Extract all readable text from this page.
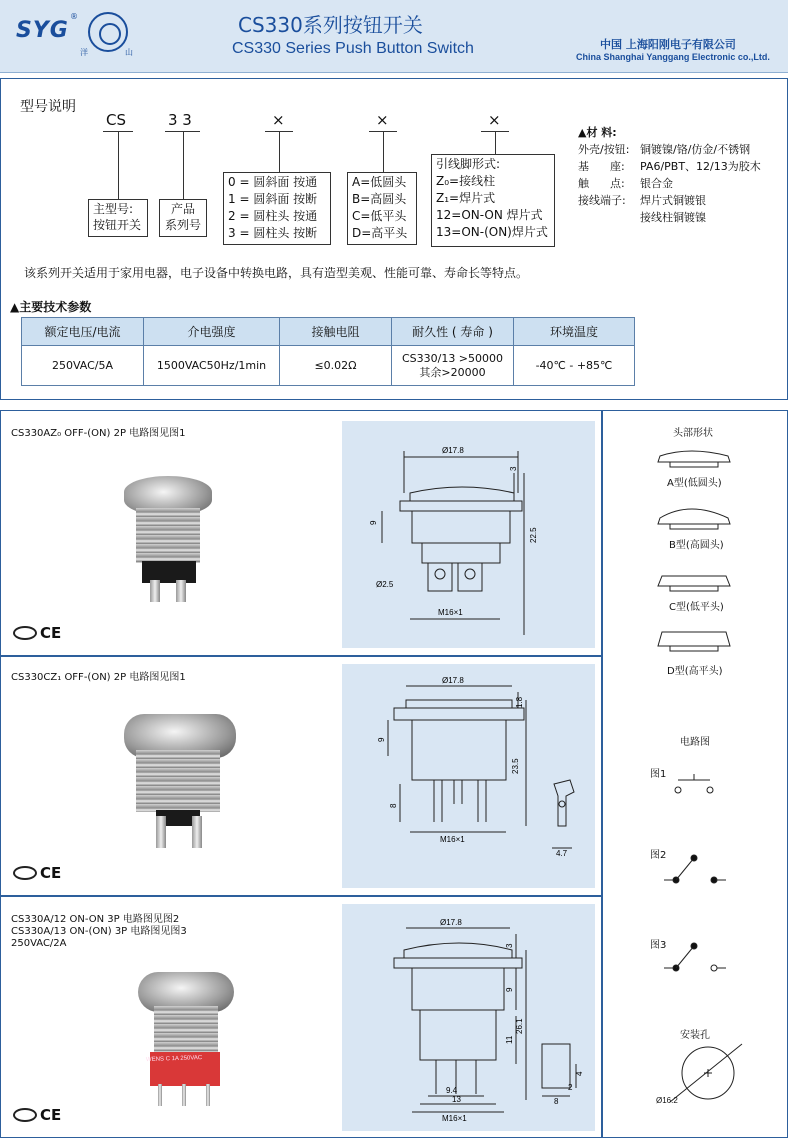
SYG
®
洋	山
CS330系列按钮开关
CS330 Series Push Button Switch	中国 上海阳刚电子有限公司
China Shanghai Yanggang Electronic co.,Ltd.
型号说明
CS	3 3	×	×	×
主型号:
按钮开关
产品
系列号
0 = 圆斜面 按通
1 = 圆斜面 按断
2 = 圆柱头 按通
3 = 圆柱头 按断
A=低圆头
B=高圆头
C=低平头
D=高平头
引线脚形式:
Z₀=接线柱
Z₁=焊片式
12=ON-ON 焊片式
13=ON-(ON)焊片式
▲材 料:
外壳/按钮: 铜镀镍/铬/仿金/不锈钢
基      座: PA6/PBT、12/13为胶木
触      点: 银合金
接线端子: 焊片式铜镀银
接线柱铜镀镍
该系列开关适用于家用电器，电子设备中转换电路，具有造型美观、性能可靠、寿命长等特点。
▲主要技术参数
额定电压/电流	介电强度	接触电阻	耐久性 ( 寿命 )	环境温度
250VAC/5A	1500VAC50Hz/1min	≤0.02Ω	CS330/13 >50000
其余>20000	-40℃ - +85℃
CS330AZ₀ OFF-(ON) 2P 电路图见图1
CE
Ø17.8
3
9
22.5
Ø2.5
M16×1
CS330CZ₁ OFF-(ON) 2P 电路图见图1
CE
Ø17.8
1.8
9
23.5
8
M16×1
4.7
CS330A/12 ON-ON 3P 电路图见图2
CS330A/13 ON-(ON) 3P 电路图见图3
250VAC/2A
CE
Ø17.8
3
9
26.1
11
9.4
13
M16×1
4
2
8
WENS C 1A 250VAC
头部形状
A型(低圆头)
B型(高圆头)
C型(低平头)
D型(高平头)
电路图
图1
图2
图3
安装孔
Ø16.2
